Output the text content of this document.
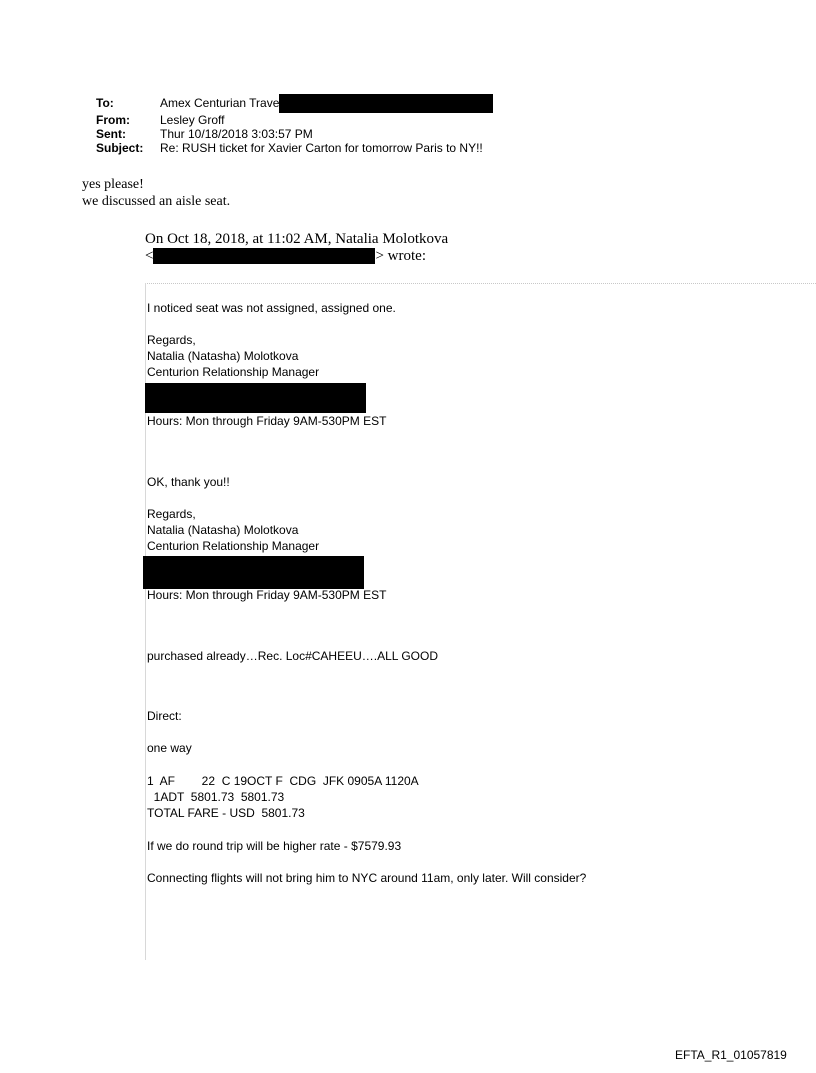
To:	Amex Centurian Trave
From:	Lesley Groff
Sent:	Thur 10/18/2018 3:03:57 PM
Subject:	Re: RUSH ticket for Xavier Carton for tomorrow Paris to NY!!
yes please!
we discussed an aisle seat.
On Oct 18, 2018, at 11:02 AM, Natalia Molotkova
<	> wrote:
I noticed seat was not assigned, assigned one.
Regards,
Natalia (Natasha) Molotkova
Centurion Relationship Manager
Hours: Mon through Friday 9AM-530PM EST
OK, thank you!!
Regards,
Natalia (Natasha) Molotkova
Centurion Relationship Manager
Hours: Mon through Friday 9AM-530PM EST
purchased already…Rec. Loc#CAHEEU….ALL GOOD
Direct:
one way
1  AF        22  C 19OCT F  CDG  JFK 0905A 1120A
1ADT  5801.73  5801.73
TOTAL FARE - USD  5801.73
If we do round trip will be higher rate - $7579.93
Connecting flights will not bring him to NYC around 11am, only later. Will consider?
EFTA_R1_01057819
